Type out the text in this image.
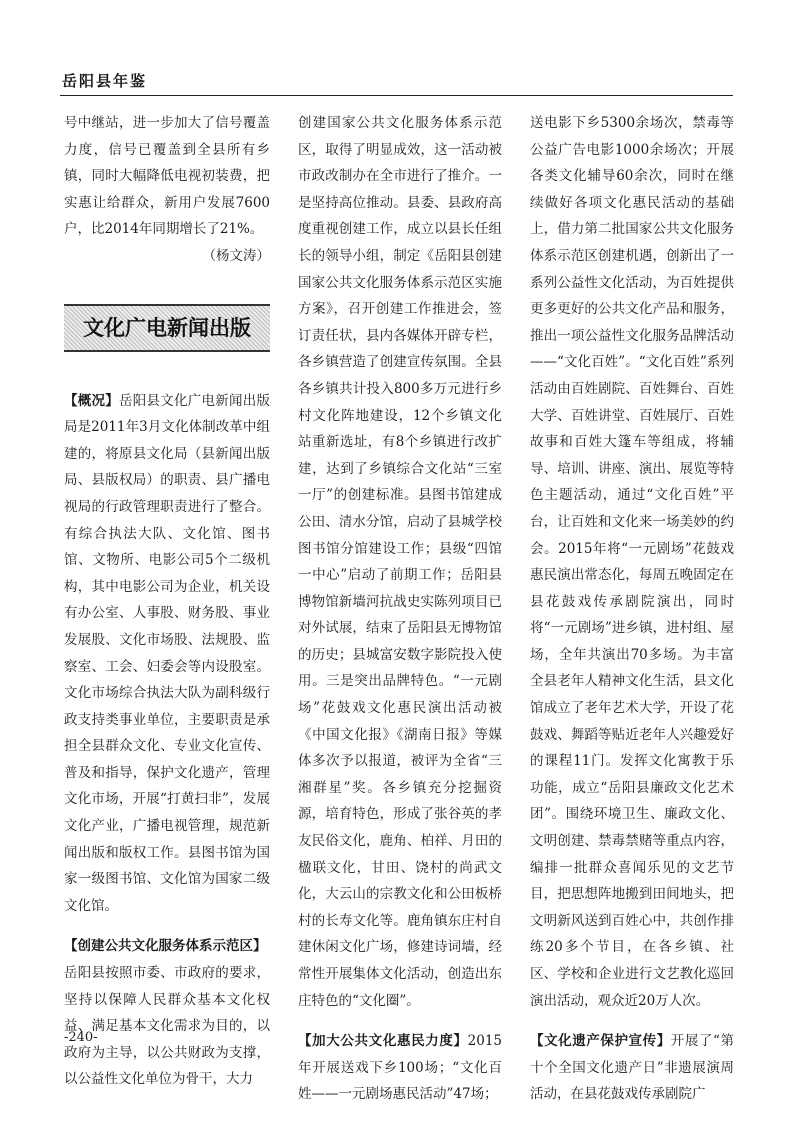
岳阳县年鉴

号中继站，进一步加大了信号覆盖力度，信号已覆盖到全县所有乡镇，同时大幅降低电视初装费，把实惠让给群众，新用户发展7600户，比2014年同期增长了21%。

（杨文涛）

文化广电新闻出版

【概况】岳阳县文化广电新闻出版局是2011年3月文化体制改革中组建的，将原县文化局（县新闻出版局、县版权局）的职责、县广播电视局的行政管理职责进行了整合。有综合执法大队、文化馆、图书馆、文物所、电影公司5个二级机构，其中电影公司为企业，机关设有办公室、人事股、财务股、事业发展股、文化市场股、法规股、监察室、工会、妇委会等内设股室。文化市场综合执法大队为副科级行政支持类事业单位，主要职责是承担全县群众文化、专业文化宣传、普及和指导，保护文化遗产，管理文化市场，开展“打黄扫非”，发展文化产业，广播电视管理，规范新闻出版和版权工作。县图书馆为国家一级图书馆、文化馆为国家二级文化馆。

【创建公共文化服务体系示范区】

岳阳县按照市委、市政府的要求，坚持以保障人民群众基本文化权益、满足基本文化需求为目的，以政府为主导，以公共财政为支撑，以公益性文化单位为骨干，大力

创建国家公共文化服务体系示范区，取得了明显成效，这一活动被市政改制办在全市进行了推介。一是坚持高位推动。县委、县政府高度重视创建工作，成立以县长任组长的领导小组，制定《岳阳县创建国家公共文化服务体系示范区实施方案》，召开创建工作推进会，签订责任状，县内各媒体开辟专栏，各乡镇营造了创建宣传氛围。全县各乡镇共计投入800多万元进行乡村文化阵地建设，12个乡镇文化站重新选址，有8个乡镇进行改扩建，达到了乡镇综合文化站“三室一厅”的创建标准。县图书馆建成公田、清水分馆，启动了县城学校图书馆分馆建设工作；县级“四馆一中心”启动了前期工作；岳阳县博物馆新墙河抗战史实陈列项目已对外试展，结束了岳阳县无博物馆的历史；县城富安数字影院投入使用。三是突出品牌特色。“一元剧场”花鼓戏文化惠民演出活动被《中国文化报》《湖南日报》等媒体多次予以报道，被评为全省“三湘群星”奖。各乡镇充分挖掘资源，培育特色，形成了张谷英的孝友民俗文化，鹿角、柏祥、月田的楹联文化，甘田、饶村的尚武文化，大云山的宗教文化和公田板桥村的长寿文化等。鹿角镇东庄村自建休闲文化广场，修建诗词墙，经常性开展集体文化活动，创造出东庄特色的“文化圈”。

【加大公共文化惠民力度】2015年开展送戏下乡100场；“文化百姓——一元剧场惠民活动”47场；

送电影下乡5300余场次，禁毒等公益广告电影1000余场次；开展各类文化辅导60余次，同时在继续做好各项文化惠民活动的基础上，借力第二批国家公共文化服务体系示范区创建机遇，创新出了一系列公益性文化活动，为百姓提供更多更好的公共文化产品和服务，推出一项公益性文化服务品牌活动——“文化百姓”。“文化百姓”系列活动由百姓剧院、百姓舞台、百姓大学、百姓讲堂、百姓展厅、百姓故事和百姓大篷车等组成，将辅导、培训、讲座、演出、展览等特色主题活动，通过“文化百姓”平台，让百姓和文化来一场美妙的约会。2015年将“一元剧场”花鼓戏惠民演出常态化，每周五晚固定在县花鼓戏传承剧院演出，同时将“一元剧场”进乡镇，进村组、屋场，全年共演出70多场。为丰富全县老年人精神文化生活，县文化馆成立了老年艺术大学，开设了花鼓戏、舞蹈等贴近老年人兴趣爱好的课程11门。发挥文化寓教于乐功能，成立“岳阳县廉政文化艺术团”。围绕环境卫生、廉政文化、文明创建、禁毒禁赌等重点内容，编排一批群众喜闻乐见的文艺节目，把思想阵地搬到田间地头，把文明新风送到百姓心中，共创作排练20多个节目，在各乡镇、社区、学校和企业进行文艺教化巡回演出活动，观众近20万人次。

【文化遗产保护宣传】开展了“第十个全国文化遗产日”非遗展演周活动，在县花鼓戏传承剧院广

-240-
